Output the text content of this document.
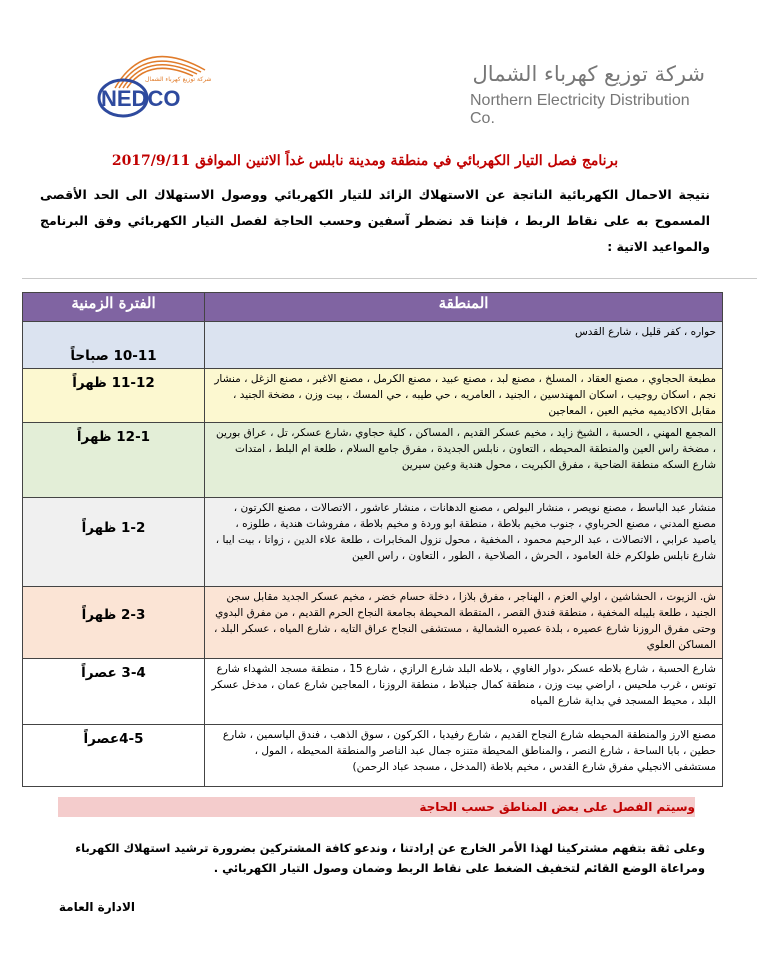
NEDCO
شركة توزيع كهرباء الشمال	شركة توزيع كهرباء الشمال
Northern Electricity Distribution Co.
برنامج فصل التيار الكهربائي في منطقة ومدينة نابلس غداً الاثنين الموافق 2017/9/11
نتيجة الاحمال الكهربائية الناتجة عن الاستهلاك الزائد للتيار الكهربائي ووصول الاستهلاك الى الحد الأقصى المسموح به على نقاط الربط ، فإننا قد نضطر آسفين وحسب الحاجة لفصل التيار الكهربائي وفق البرنامج والمواعيد الاتية :
المنطقة	الفترة الزمنية
حواره ، كفر قليل ، شارع القدس	10-11 صباحاً
مطبعة الحجاوي ، مصنع العقاد ، المسلخ ، مصنع لبد ، مصنع عبيد ، مصنع الكرمل ، مصنع الاغبر ، مصنع الزغل ، منشار نجم ، اسكان روجيب ، اسكان المهندسين ، الجنيد ، العامريه ، حي طيبه ، حي المسك ، بيت وزن ، مضخة الجنيد ، مقابل الاكاديميه مخيم العين ، المعاجين	11-12 ظهراً
المجمع المهني ، الحسبة ، الشيخ زايد ، مخيم عسكر القديم ، المساكن ، كلية حجاوي ،شارع عسكر، تل ، عراق بورين ، مضخة راس العين والمنطقة المحيطه ، التعاون ، نابلس الجديدة ، مفرق جامع السلام ، طلعة ام البلط ، امتدات شارع السكه منطقة الضاحية ، مفرق الكبريت ، محول هندية وعين سيرين	12-1 ظهراً
منشار عبد الباسط ، مصنع نويصر ، منشار البولص ، مصنع الدهانات ، منشار عاشور ، الاتصالات ، مصنع الكرتون ، مصنع المدني ، مصنع الحرباوي ، جنوب مخيم بلاطة ، منطقة ابو وردة و مخيم بلاطة ، مفروشات هندية ، طلوزه ، ياصيد عرابي ، الاتصالات ، عبد الرحيم محمود ، المخفية ، محول نزول المخابرات ، طلعة علاء الدين ، زواتا ، بيت ايبا ، شارع نابلس طولكرم خلة العامود ، الحرش ، الصلاحية ، الطور ، التعاون ، راس العين	1-2 ظهراً
ش. الزيوت ، الحشاشين ، اولي العزم ، الهناجر ، مفرق بلازا ، دخلة حسام خضر ، مخيم عسكر الجديد مقابل سجن الجنيد ، طلعة بليبله المخفية ، منطقة فندق القصر ، المتقطة المحيطة بجامعة النجاح الحرم القديم ، من مفرق البدوي وحتى مفرق الروزنا شارع عصيره ، بلدة عصيره الشمالية ، مستشفى النجاح عراق التايه ، شارع المياه ، عسكر البلد ، المساكن العلوي	2-3 ظهراً
شارع الحسبة ، شارع بلاطه عسكر ،دوار الغاوي ، بلاطه البلد شارع الرازي ، شارع 15 ، منطقة مسجد الشهداء شارع تونس ، غرب ملحيس ، اراضي بيت وزن ، منطقة كمال جنبلاط ، منطقة الروزنا ، المعاجين شارع عمان ، مدخل عسكر البلد ، محيط المسجد في بداية شارع المياه	3-4 عصراً
مصنع الارز والمنطقة المحيطه شارع النجاح القديم ، شارع رفيديا ، الكركون ، سوق الذهب ، فندق الياسمين ، شارع حطين ، بابا الساحة ، شارع النصر ، والمناطق المحيطة متنزه جمال عبد الناصر والمنطقة المحيطه ، المول ، مستشفى الانجيلي مفرق شارع القدس ، مخيم بلاطة (المدخل ، مسجد عباد الرحمن)	4-5عصراً
وسيتم الفصل على بعض المناطق حسب الحاجة
وعلى ثقة بتفهم مشتركينا لهذا الأمر الخارج عن إرادتنا ، وندعو كافة المشتركين بضرورة ترشيد استهلاك الكهرباء ومراعاة الوضع القائم لتخفيف الضغط على نقاط الربط وضمان وصول التيار الكهربائي .
الادارة العامة
